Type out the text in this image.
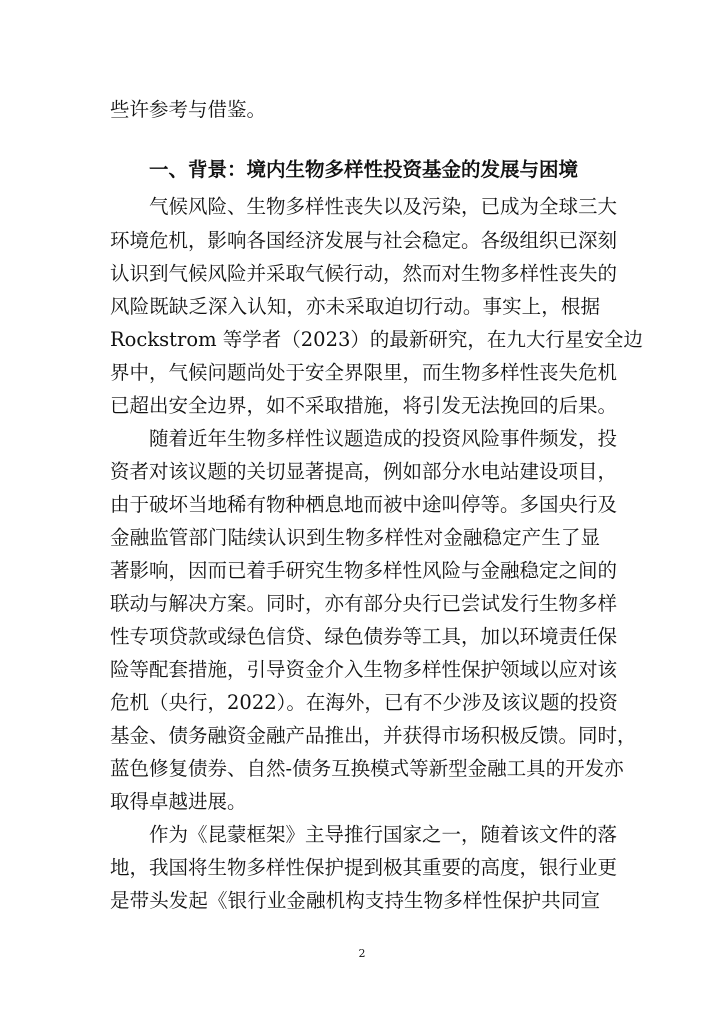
些许参考与借鉴。
一、背景：境内生物多样性投资基金的发展与困境
气候风险、生物多样性丧失以及污染，已成为全球三大
环境危机，影响各国经济发展与社会稳定。各级组织已深刻
认识到气候风险并采取气候行动，然而对生物多样性丧失的
风险既缺乏深入认知，亦未采取迫切行动。事实上，根据
Rockstrom 等学者（2023）的最新研究，在九大行星安全边
界中，气候问题尚处于安全界限里，而生物多样性丧失危机
已超出安全边界，如不采取措施，将引发无法挽回的后果。
随着近年生物多样性议题造成的投资风险事件频发，投
资者对该议题的关切显著提高，例如部分水电站建设项目，
由于破坏当地稀有物种栖息地而被中途叫停等。多国央行及
金融监管部门陆续认识到生物多样性对金融稳定产生了显
著影响，因而已着手研究生物多样性风险与金融稳定之间的
联动与解决方案。同时，亦有部分央行已尝试发行生物多样
性专项贷款或绿色信贷、绿色债券等工具，加以环境责任保
险等配套措施，引导资金介入生物多样性保护领域以应对该
危机（央行，2022）。在海外，已有不少涉及该议题的投资
基金、债务融资金融产品推出，并获得市场积极反馈。同时，
蓝色修复债券、自然-债务互换模式等新型金融工具的开发亦
取得卓越进展。
作为《昆蒙框架》主导推行国家之一，随着该文件的落
地，我国将生物多样性保护提到极其重要的高度，银行业更
是带头发起《银行业金融机构支持生物多样性保护共同宣
2
